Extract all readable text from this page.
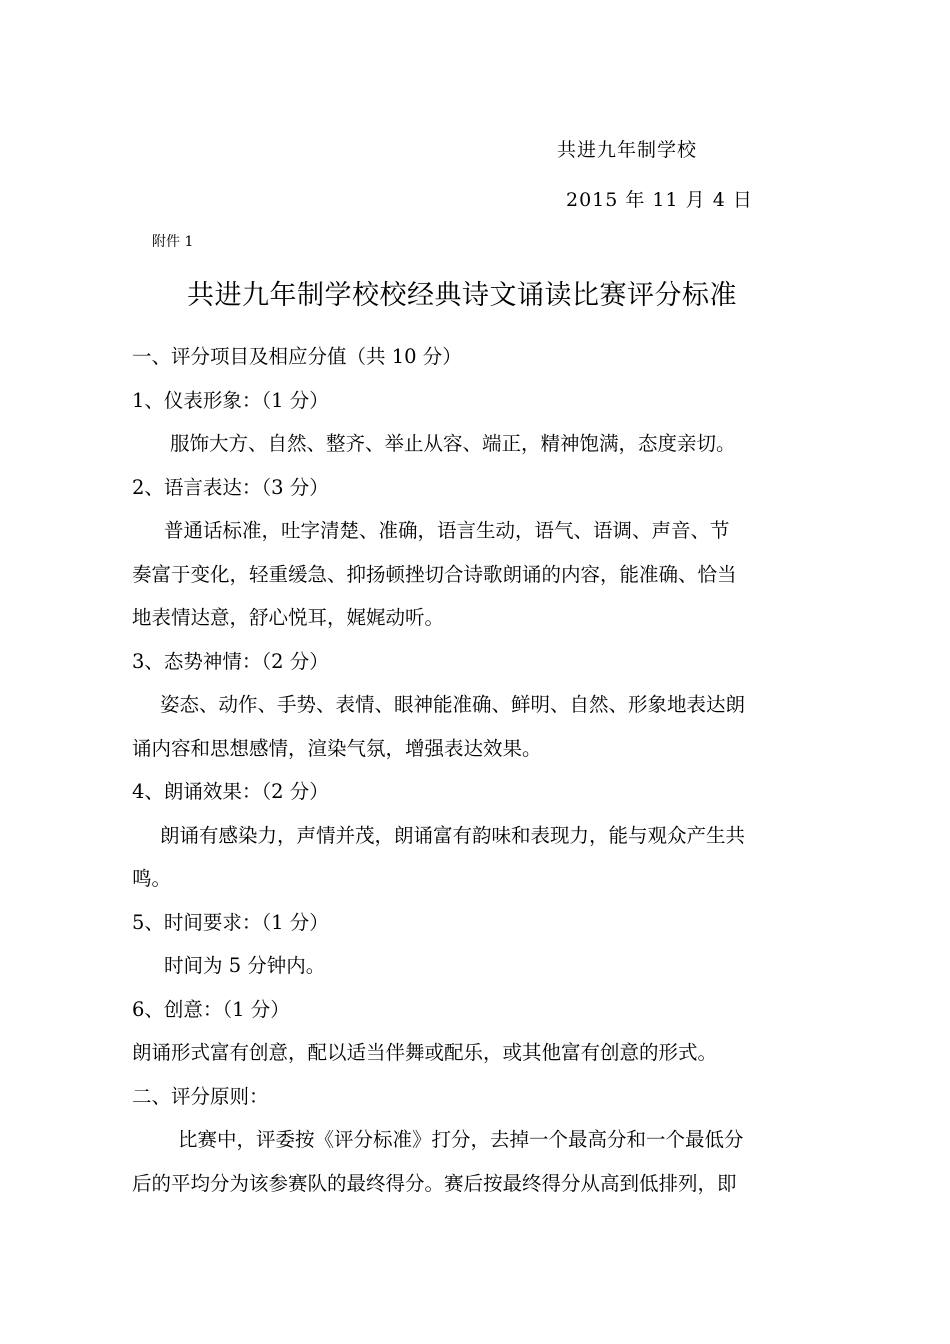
共进九年制学校
2015 年 11 月 4 日
附件 1
共进九年制学校校经典诗文诵读比赛评分标准
一、评分项目及相应分值（共 10 分）
1、仪表形象：（1 分）
服饰大方、自然、整齐、举止从容、端正，精神饱满，态度亲切。
2、语言表达：（3 分）
普通话标准，吐字清楚、准确，语言生动，语气、语调、声音、节
奏富于变化，轻重缓急、抑扬顿挫切合诗歌朗诵的内容，能准确、恰当
地表情达意，舒心悦耳，娓娓动听。
3、态势神情：（2 分）
姿态、动作、手势、表情、眼神能准确、鲜明、自然、形象地表达朗
诵内容和思想感情，渲染气氛，增强表达效果。
4、朗诵效果：（2 分）
朗诵有感染力，声情并茂，朗诵富有韵味和表现力，能与观众产生共
鸣。
5、时间要求：（1 分）
时间为 5 分钟内。
6、创意：（1 分）
朗诵形式富有创意，配以适当伴舞或配乐，或其他富有创意的形式。
二、评分原则：
比赛中，评委按《评分标准》打分，去掉一个最高分和一个最低分
后的平均分为该参赛队的最终得分。赛后按最终得分从高到低排列，即
